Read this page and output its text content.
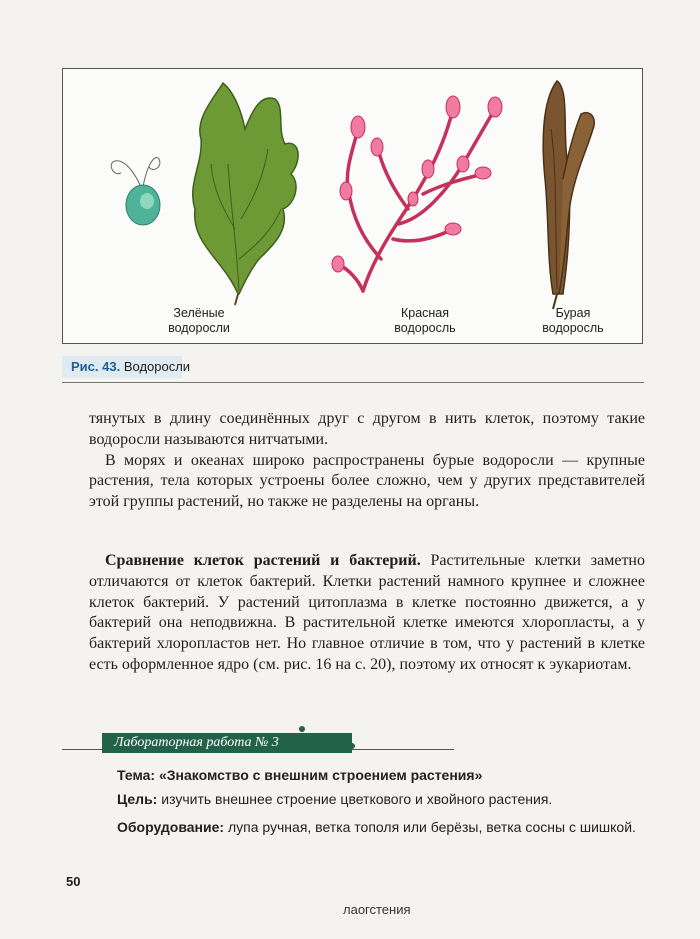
Зелёные
водоросли
Красная
водоросль
Бурая
водоросль
Рис. 43. Водоросли

тянутых в длину соединённых друг с другом в нить клеток, поэтому такие водоросли называются нитчатыми.

В морях и океанах широко распространены бурые водоросли — крупные растения, тела которых устроены более сложно, чем у других представителей этой группы растений, но также не разделены на органы.

Сравнение клеток растений и бактерий. Растительные клетки заметно отличаются от клеток бактерий. Клетки растений намного крупнее и сложнее клеток бактерий. У растений цитоплазма в клетке постоянно движется, а у бактерий она неподвижна. В растительной клетке имеются хлоропласты, а у бактерий хлоропластов нет. Но главное отличие в том, что у растений в клетке есть оформленное ядро (см. рис. 16 на с. 20), поэтому их относят к эукариотам.

Лабораторная работа № 3
Тема: «Знакомство с внешним строением растения»
Цель: изучить внешнее строение цветкового и хвойного растения.
Оборудование: лупа ручная, ветка тополя или берёзы, ветка сосны с шишкой.
50
лаогстения
